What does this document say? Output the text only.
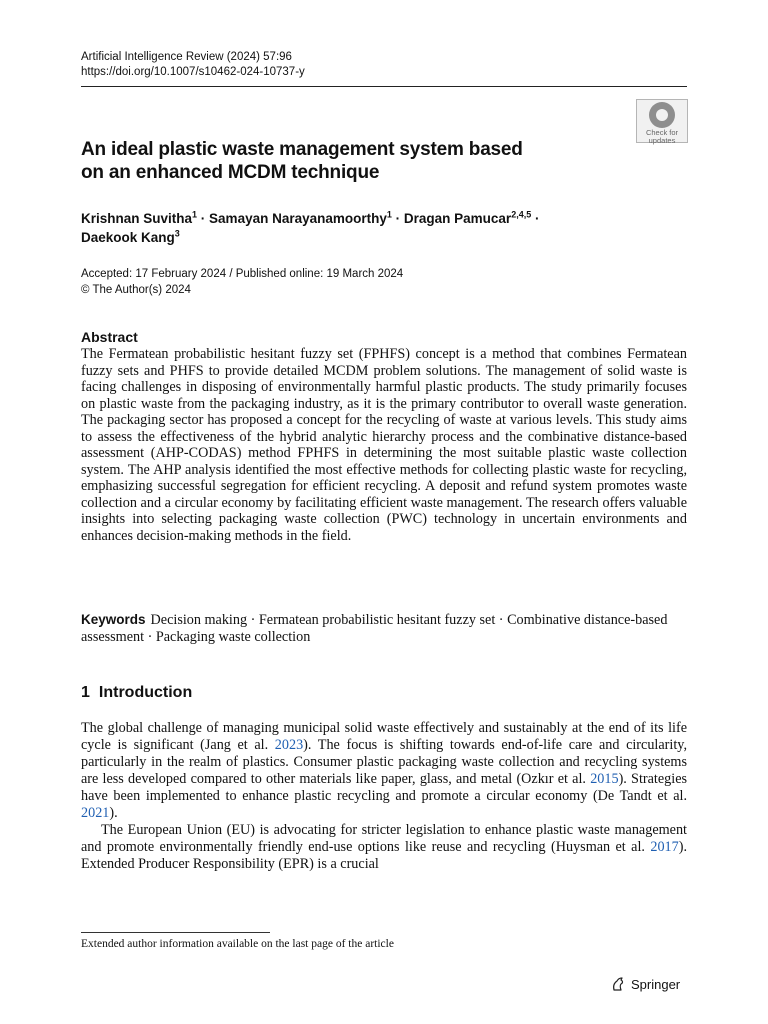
Artificial Intelligence Review (2024) 57:96
https://doi.org/10.1007/s10462-024-10737-y
Check for
updates
An ideal plastic waste management system based
on an enhanced MCDM technique
Krishnan Suvitha$^1$ · Samayan Narayanamoorthy$^1$ · Dragan Pamucar$^{2,4,5}$ ·
Daekook Kang$^3$
Accepted: 17 February 2024 / Published online: 19 March 2024
© The Author(s) 2024
Abstract

The Fermatean probabilistic hesitant fuzzy set (FPHFS) concept is a method that combines Fermatean fuzzy sets and PHFS to provide detailed MCDM problem solutions. The management of solid waste is facing challenges in disposing of environmentally harmful plastic products. The study primarily focuses on plastic waste from the packaging industry, as it is the primary contributor to overall waste generation. The packaging sector has proposed a concept for the recycling of waste at various levels. This study aims to assess the effectiveness of the hybrid analytic hierarchy process and the combinative distance-based assessment (AHP-CODAS) method FPHFS in determining the most suitable plastic waste collection system. The AHP analysis identified the most effective methods for collecting plastic waste for recycling, emphasizing successful segregation for efficient recycling. A deposit and refund system promotes waste collection and a circular economy by facilitating efficient waste management. The research offers valuable insights into selecting packaging waste collection (PWC) technology in uncertain environments and enhances decision-making methods in the field.

Keywords Decision making · Fermatean probabilistic hesitant fuzzy set · Combinative distance-based assessment · Packaging waste collection
1 Introduction

The global challenge of managing municipal solid waste effectively and sustainably at the end of its life cycle is significant (Jang et al. 2023). The focus is shifting towards end-of-life care and circularity, particularly in the realm of plastics. Consumer plastic packaging waste collection and recycling systems are less developed compared to other materials like paper, glass, and metal (Ozkır et al. 2015). Strategies have been implemented to enhance plastic recycling and promote a circular economy (De Tandt et al. 2021).

The European Union (EU) is advocating for stricter legislation to enhance plastic waste management and promote environmentally friendly end-use options like reuse and recycling (Huysman et al. 2017). Extended Producer Responsibility (EPR) is a crucial

Extended author information available on the last page of the article
Springer
